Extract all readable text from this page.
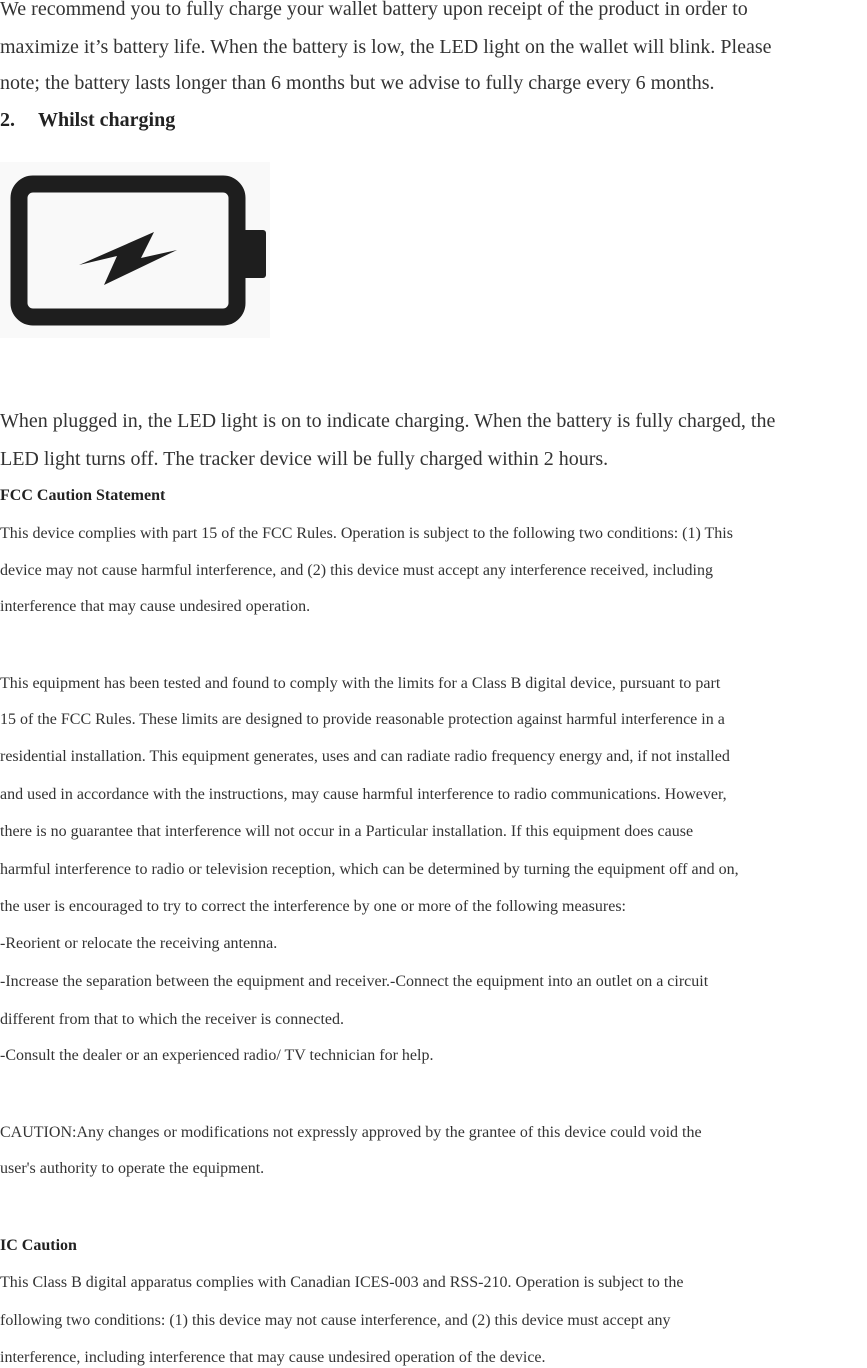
We recommend you to fully charge your wallet battery upon receipt of the product in order to

maximize it’s battery life. When the battery is low, the LED light on the wallet will blink. Please

note; the battery lasts longer than 6 months but we advise to fully charge every 6 months.

2. Whilst charging

When plugged in, the LED light is on to indicate charging. When the battery is fully charged, the

LED light turns off. The tracker device will be fully charged within 2 hours.

FCC Caution Statement

This device complies with part 15 of the FCC Rules. Operation is subject to the following two conditions: (1) This

device may not cause harmful interference, and (2) this device must accept any interference received, including

interference that may cause undesired operation.

This equipment has been tested and found to comply with the limits for a Class B digital device, pursuant to part

15 of the FCC Rules. These limits are designed to provide reasonable protection against harmful interference in a

residential installation. This equipment generates, uses and can radiate radio frequency energy and, if not installed

and used in accordance with the instructions, may cause harmful interference to radio communications. However,

there is no guarantee that interference will not occur in a Particular installation. If this equipment does cause

harmful interference to radio or television reception, which can be determined by turning the equipment off and on,

the user is encouraged to try to correct the interference by one or more of the following measures:

-Reorient or relocate the receiving antenna.

-Increase the separation between the equipment and receiver.-Connect the equipment into an outlet on a circuit

different from that to which the receiver is connected.

-Consult the dealer or an experienced radio/ TV technician for help.

CAUTION:Any changes or modifications not expressly approved by the grantee of this device could void the

user's authority to operate the equipment.

IC Caution

This Class B digital apparatus complies with Canadian ICES-003 and RSS-210. Operation is subject to the

following two conditions: (1) this device may not cause interference, and (2) this device must accept any

interference, including interference that may cause undesired operation of the device.
